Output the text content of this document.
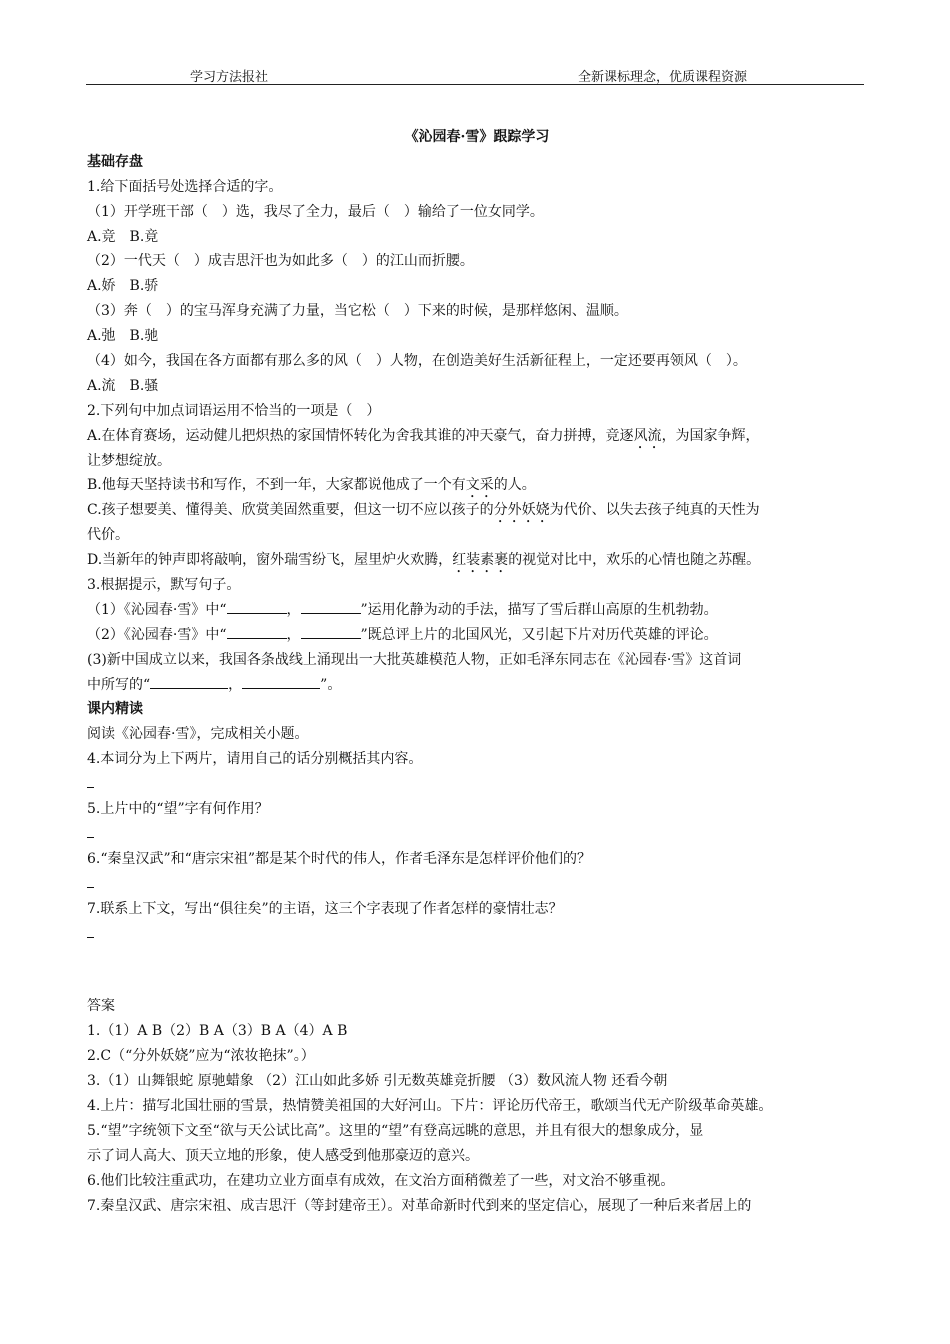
学习方法报社	全新课标理念，优质课程资源
《沁园春·雪》跟踪学习
基础存盘
1.给下面括号处选择合适的字。
（1）开学班干部（　）选，我尽了全力，最后（　）输给了一位女同学。
A.竞　B.竟
（2）一代天（　）成吉思汗也为如此多（　）的江山而折腰。
A.娇　B.骄
（3）奔（　）的宝马浑身充满了力量，当它松（　）下来的时候，是那样悠闲、温顺。
A.弛　B.驰
（4）如今，我国在各方面都有那么多的风（　）人物，在创造美好生活新征程上，一定还要再领风（　）。
A.流　B.骚
2.下列句中加点词语运用不恰当的一项是（　）
A.在体育赛场，运动健儿把炽热的家国情怀转化为舍我其谁的冲天豪气，奋力拼搏，竞逐风流，为国家争辉，
让梦想绽放。
B.他每天坚持读书和写作，不到一年，大家都说他成了一个有文采的人。
C.孩子想要美、懂得美、欣赏美固然重要，但这一切不应以孩子的分外妖娆为代价、以失去孩子纯真的天性为
代价。
D.当新年的钟声即将敲响，窗外瑞雪纷飞，屋里炉火欢腾，红装素裹的视觉对比中，欢乐的心情也随之苏醒。
3.根据提示，默写句子。
（1）《沁园春·雪》中“	，	”运用化静为动的手法，描写了雪后群山高原的生机勃勃。
（2）《沁园春·雪》中“	，	”既总评上片的北国风光，又引起下片对历代英雄的评论。
(3)新中国成立以来，我国各条战线上涌现出一大批英雄模范人物，正如毛泽东同志在《沁园春·雪》这首词
中所写的“	，	”。
课内精读
阅读《沁园春·雪》，完成相关小题。
4.本词分为上下两片，请用自己的话分别概括其内容。
5.上片中的“望”字有何作用？
6.“秦皇汉武”和“唐宗宋祖”都是某个时代的伟人，作者毛泽东是怎样评价他们的？
7.联系上下文，写出“俱往矣”的主语，这三个字表现了作者怎样的豪情壮志？
答案
1.（1）A B（2）B A（3）B A（4）A B
2.C（“分外妖娆”应为“浓妆艳抹”。）
3.（1）山舞银蛇 原驰蜡象 （2）江山如此多娇 引无数英雄竞折腰 （3）数风流人物 还看今朝
4.上片：描写北国壮丽的雪景，热情赞美祖国的大好河山。下片：评论历代帝王，歌颂当代无产阶级革命英雄。
5.“望”字统领下文至“欲与天公试比高”。这里的“望”有登高远眺的意思，并且有很大的想象成分，显
示了词人高大、顶天立地的形象，使人感受到他那豪迈的意兴。
6.他们比较注重武功，在建功立业方面卓有成效，在文治方面稍微差了一些，对文治不够重视。
7.秦皇汉武、唐宗宋祖、成吉思汗（等封建帝王）。对革命新时代到来的坚定信心，展现了一种后来者居上的
